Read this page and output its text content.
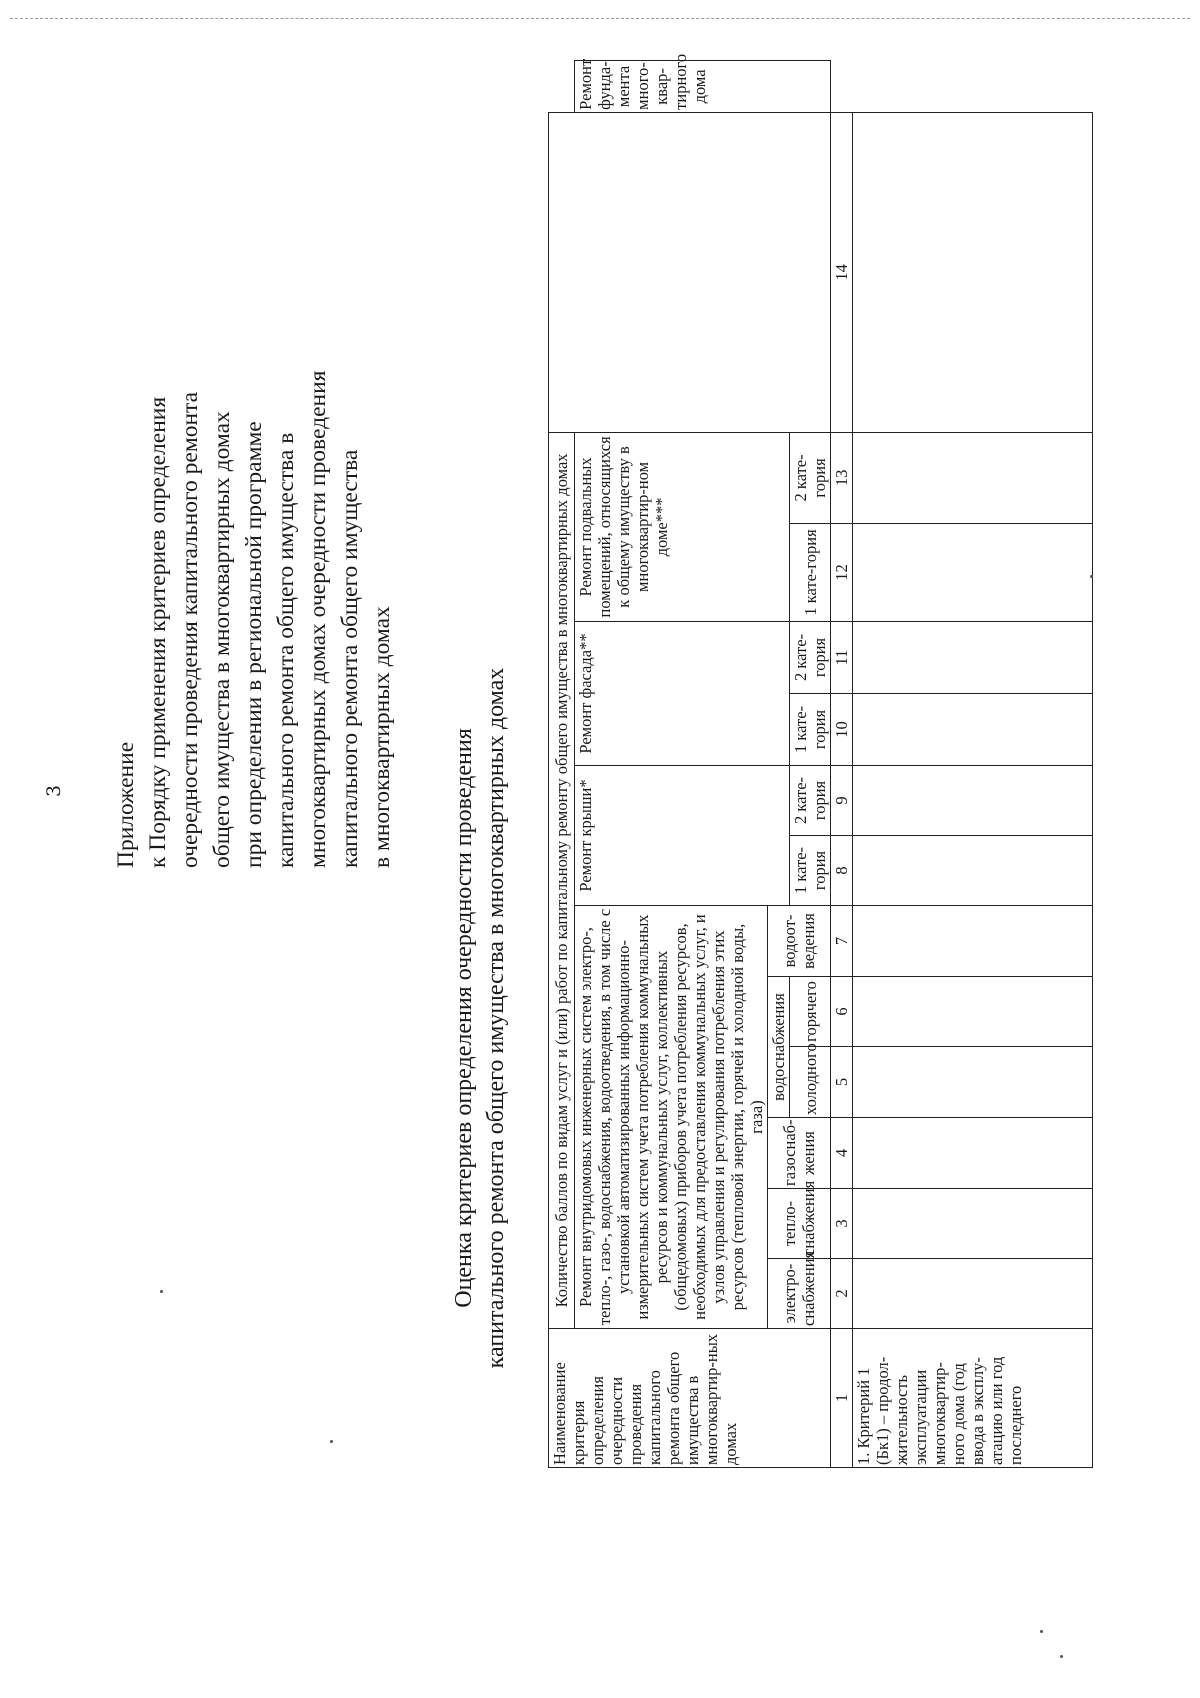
3 Приложение к Порядку применения критериев определения очередности проведения капитального ремонта общего имущества в многоквартирных домах при определении в региональной программе капитального ремонта общего имущества в многоквартирных домах очередности проведения капитального ремонта общего имущества в многоквартирных домах Оценка критериев определения очередности проведения капитального ремонта общего имущества в многоквартирных домах
Наименование критерия определения очередности проведения капитального ремонта общего имущества в многоквартир-ных домах	Количество баллов по видам услуг и (или) работ по капитальному ремонту общего имущества в многоквартирных домах													
	Ремонт внутридомовых инженерных систем электро-, тепло-, газо-, водоснабжения, водоотведения, в том числе с установкой автоматизированных информационно-измерительных систем учета потребления коммунальных ресурсов и коммунальных услуг, коллективных (общедомовых) приборов учета потребления ресурсов, необходимых для предоставления коммунальных услуг, и узлов управления и регулирования потребления этих ресурсов (тепловой энергии, горячей и холодной воды, газа)						Ремонт крыши*		Ремонт фасада**		Ремонт подвальных помещений, относящихся к общему имуществу в многоквартир-ном доме***			Ремонт фунда-мента много-квар-тирного дома

	электро-снабжения	тепло-снабжения	газоснаб-жения	водоснабжения		водоот-ведения								
				холодного	горячего		1 кате-гория	2 кате-гория	1 кате-гория	2 кате-гория	1 кате-гория	2 кате-гория		
1	2	3	4	5	6	7	8	9	10	11	12	13	14	
1. Критерий 1 (Бк1) – продол-жительность эксплуатации многоквартир-ного дома (год ввода в эксплу-атацию или год последнего														
